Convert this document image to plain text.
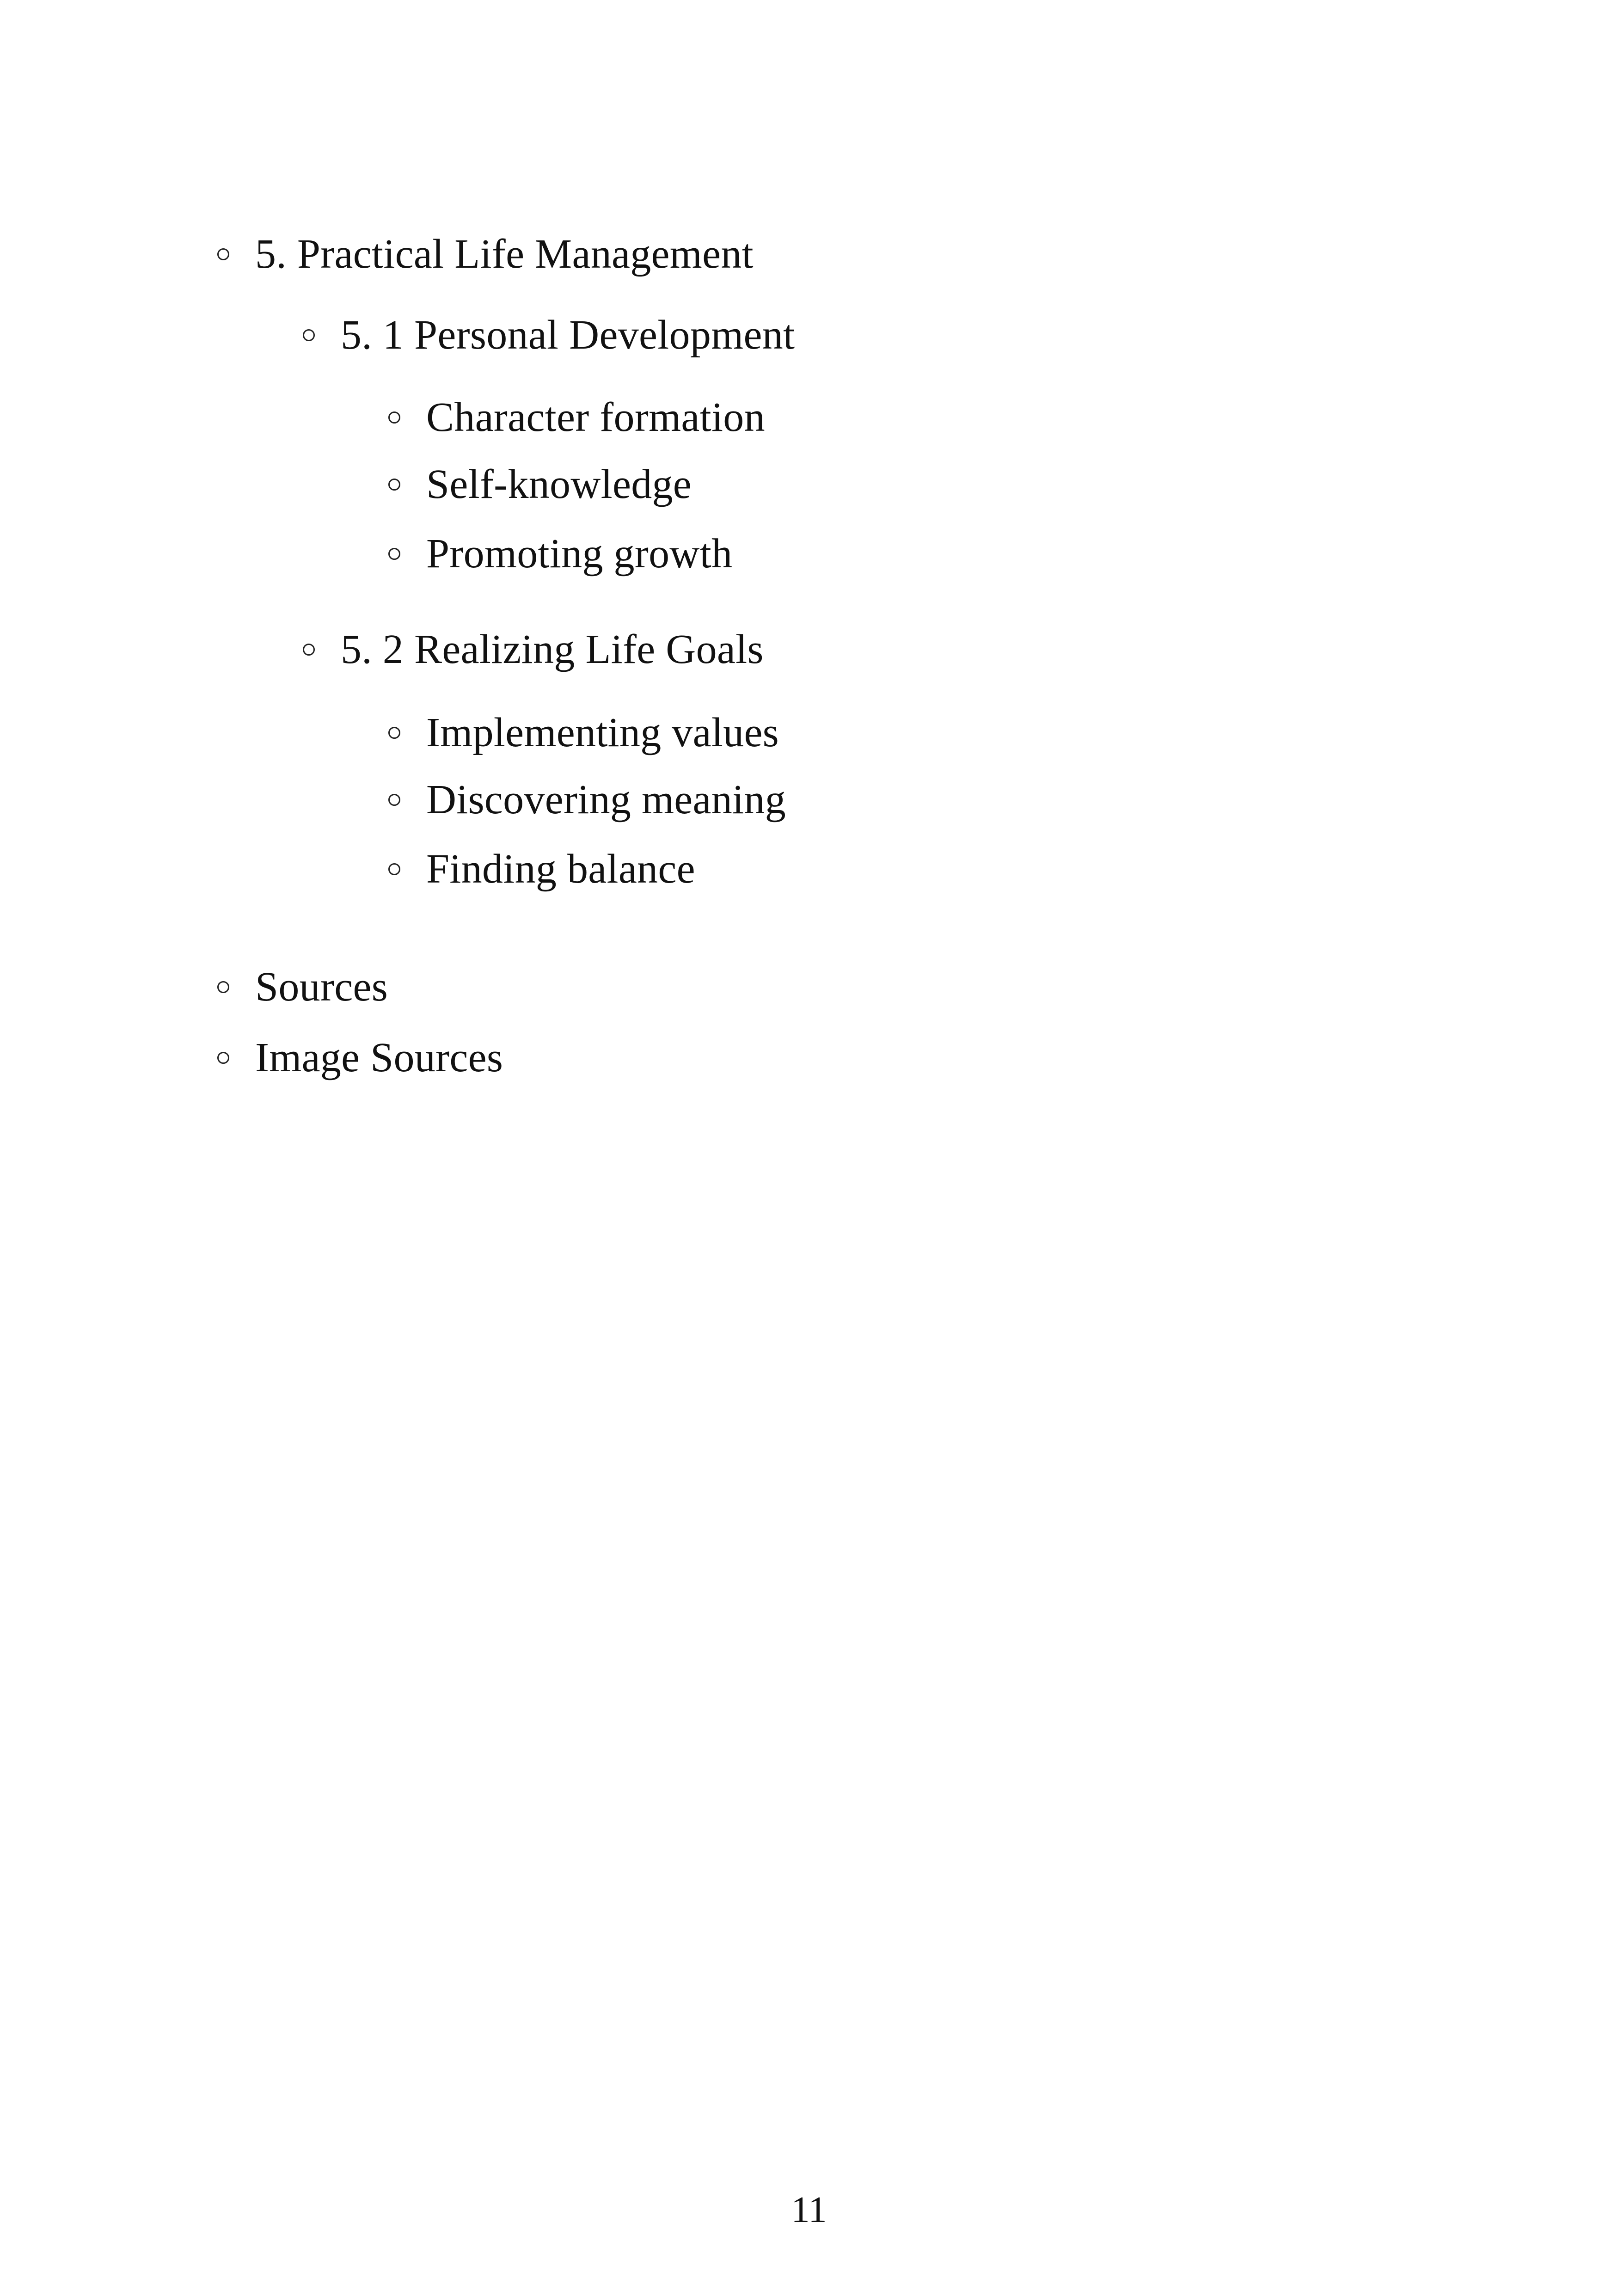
5. Practical Life Management
5. 1 Personal Development
Character formation
Self-knowledge
Promoting growth
5. 2 Realizing Life Goals
Implementing values
Discovering meaning
Finding balance
Sources
Image Sources
11
